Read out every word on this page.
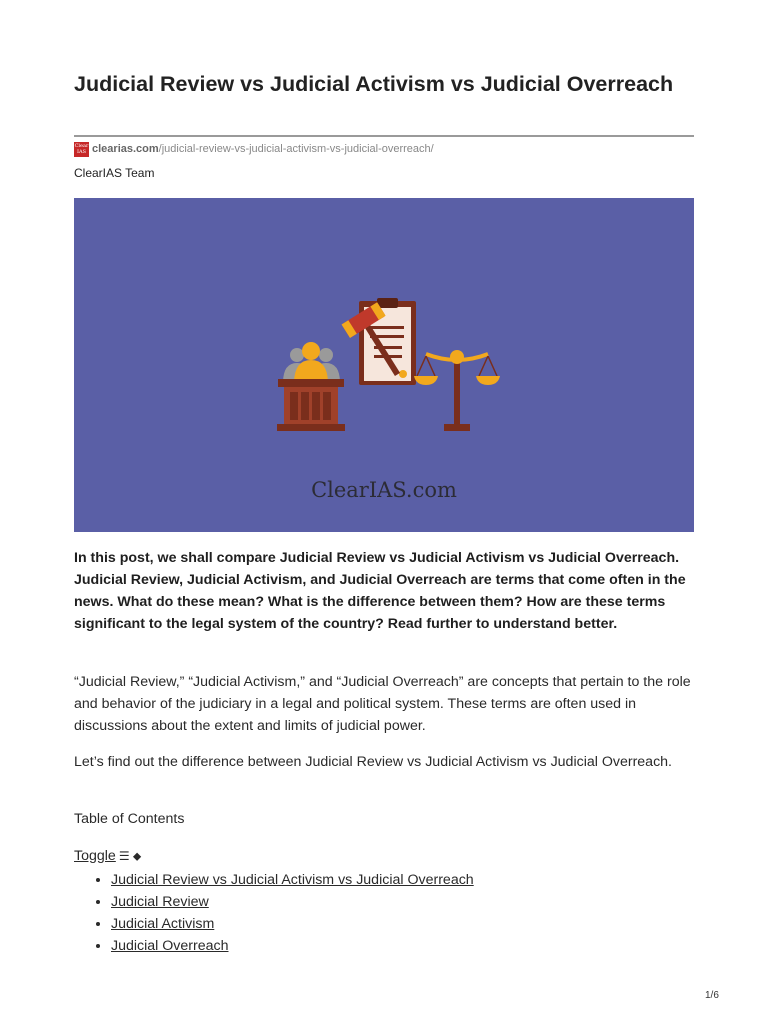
Judicial Review vs Judicial Activism vs Judicial Overreach
Clear
IAS clearias.com /judicial-review-vs-judicial-activism-vs-judicial-overreach/
ClearIAS Team
ClearIAS.com

In this post, we shall compare Judicial Review vs Judicial Activism vs Judicial Overreach. Judicial Review, Judicial Activism, and Judicial Overreach are terms that come often in the news. What do these mean? What is the difference between them? How are these terms significant to the legal system of the country? Read further to understand better.

“Judicial Review,” “Judicial Activism,” and “Judicial Overreach” are concepts that pertain to the role and behavior of the judiciary in a legal and political system. These terms are often used in discussions about the extent and limits of judicial power.

Let’s find out the difference between Judicial Review vs Judicial Activism vs Judicial Overreach.

Table of Contents
Toggle ☰ ⬥
• Judicial Review vs Judicial Activism vs Judicial Overreach
• Judicial Review
• Judicial Activism
• Judicial Overreach
1/6
